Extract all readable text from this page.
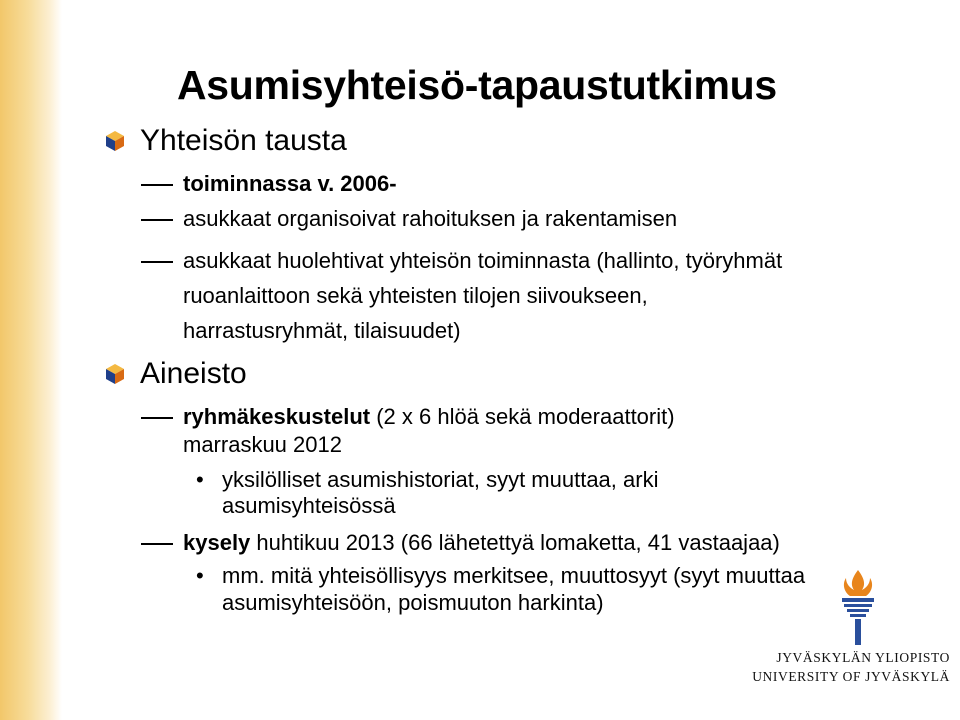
Asumisyhteisö-tapaustutkimus
Yhteisön tausta
toiminnassa v. 2006-
asukkaat organisoivat rahoituksen ja rakentamisen
asukkaat huolehtivat yhteisön toiminnasta (hallinto, työryhmät
ruoanlaittoon sekä yhteisten tilojen siivoukseen,
harrastusryhmät, tilaisuudet)
Aineisto
ryhmäkeskustelut (2 x 6 hlöä sekä moderaattorit)
marraskuu 2012
• yksilölliset asumishistoriat, syyt muuttaa, arki
asumisyhteisössä
kysely huhtikuu 2013 (66 lähetettyä lomaketta, 41 vastaajaa)
• mm. mitä yhteisöllisyys merkitsee, muuttosyyt (syyt muuttaa
asumisyhteisöön, poismuuton harkinta)
JYVÄSKYLÄN YLIOPISTO
UNIVERSITY OF JYVÄSKYLÄ
